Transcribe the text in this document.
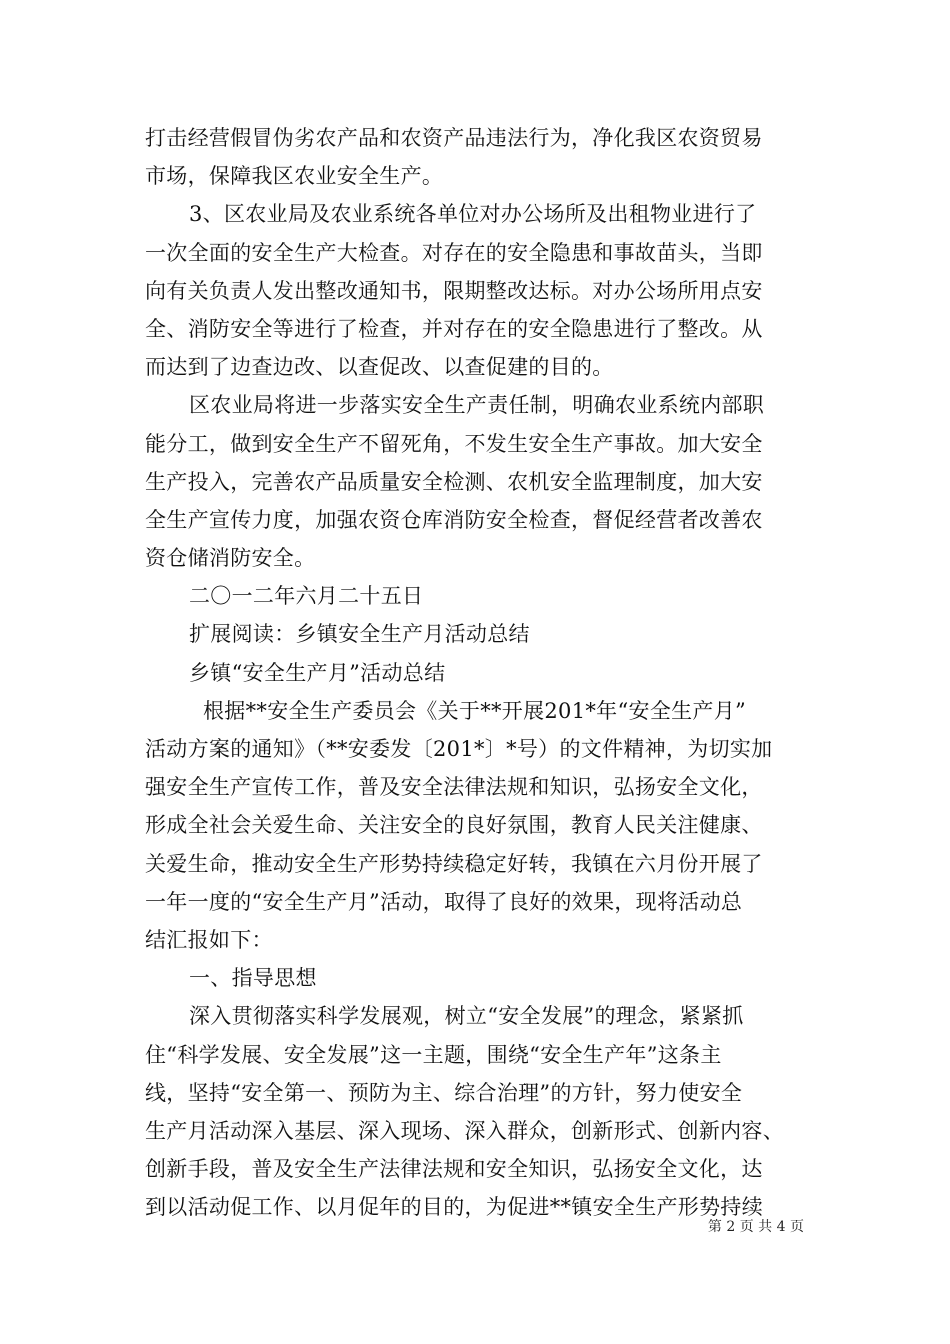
打击经营假冒伪劣农产品和农资产品违法行为，净化我区农资贸易
市场，保障我区农业安全生产。
3、区农业局及农业系统各单位对办公场所及出租物业进行了
一次全面的安全生产大检查。对存在的安全隐患和事故苗头，当即
向有关负责人发出整改通知书，限期整改达标。对办公场所用点安
全、消防安全等进行了检查，并对存在的安全隐患进行了整改。从
而达到了边查边改、以查促改、以查促建的目的。
区农业局将进一步落实安全生产责任制，明确农业系统内部职
能分工，做到安全生产不留死角，不发生安全生产事故。加大安全
生产投入，完善农产品质量安全检测、农机安全监理制度，加大安
全生产宣传力度，加强农资仓库消防安全检查，督促经营者改善农
资仓储消防安全。
二〇一二年六月二十五日
扩展阅读：乡镇安全生产月活动总结
乡镇“安全生产月”活动总结
根据**安全生产委员会《关于**开展201*年“安全生产月”
活动方案的通知》（**安委发〔201*〕*号）的文件精神，为切实加
强安全生产宣传工作，普及安全法律法规和知识，弘扬安全文化，
形成全社会关爱生命、关注安全的良好氛围，教育人民关注健康、
关爱生命，推动安全生产形势持续稳定好转，我镇在六月份开展了
一年一度的“安全生产月”活动，取得了良好的效果，现将活动总
结汇报如下：
一、指导思想
深入贯彻落实科学发展观，树立“安全发展”的理念，紧紧抓
住“科学发展、安全发展”这一主题，围绕“安全生产年”这条主
线，坚持“安全第一、预防为主、综合治理”的方针，努力使安全
生产月活动深入基层、深入现场、深入群众，创新形式、创新内容、
创新手段，普及安全生产法律法规和安全知识，弘扬安全文化，达
到以活动促工作、以月促年的目的，为促进**镇安全生产形势持续
第 2 页 共 4 页
